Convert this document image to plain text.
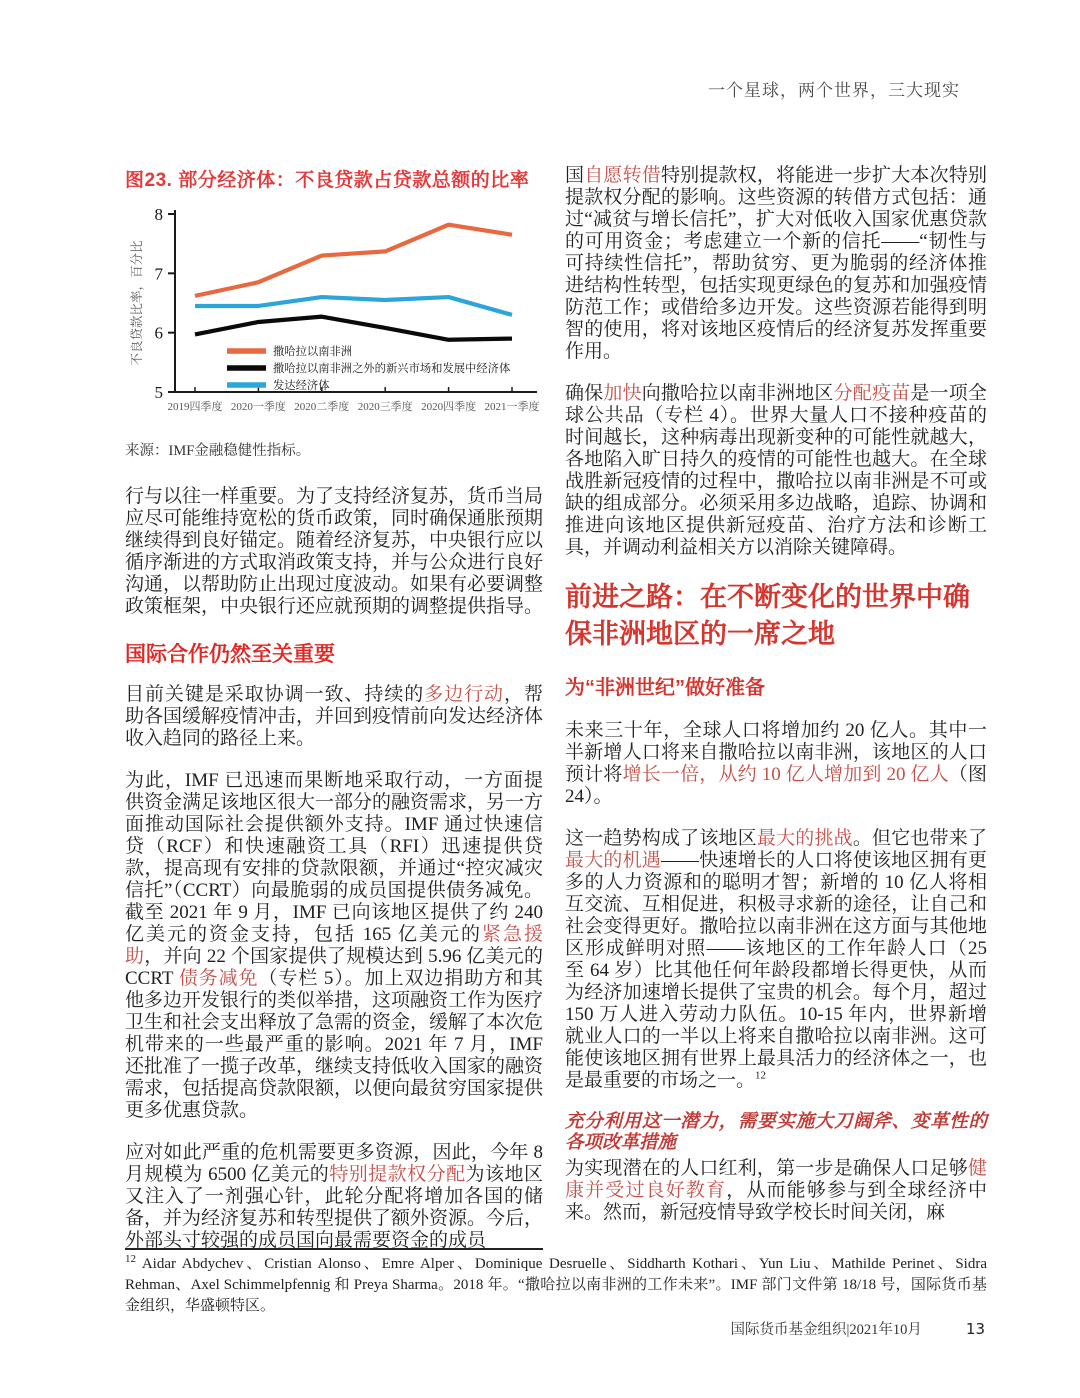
一个星球，两个世界，三大现实
图23. 部分经济体：不良贷款占贷款总额的比率
5
6
7
8
2019四季度 2020一季度 2020二季度 2020三季度 2020四季度 2021一季度
不良贷款比率，百分比	撒哈拉以南非洲
撒哈拉以南非洲之外的新兴市场和发展中经济体
发达经济体
来源：IMF金融稳健性指标。

行与以往一样重要。为了支持经济复苏，货币当局应尽可能维持宽松的货币政策，同时确保通胀预期继续得到良好锚定。随着经济复苏，中央银行应以循序渐进的方式取消政策支持，并与公众进行良好沟通，以帮助防止出现过度波动。如果有必要调整政策框架，中央银行还应就预期的调整提供指导。

国际合作仍然至关重要

目前关键是采取协调一致、持续的多边行动，帮助各国缓解疫情冲击，并回到疫情前向发达经济体收入趋同的路径上来。

为此，IMF 已迅速而果断地采取行动，一方面提供资金满足该地区很大一部分的融资需求，另一方面推动国际社会提供额外支持。IMF 通过快速信贷（RCF）和快速融资工具（RFI）迅速提供贷款，提高现有安排的贷款限额，并通过“控灾减灾信托”（CCRT）向最脆弱的成员国提供债务减免。截至 2021 年 9 月，IMF 已向该地区提供了约 240 亿美元的资金支持，包括 165 亿美元的紧急援助，并向 22 个国家提供了规模达到 5.96 亿美元的 CCRT 债务减免（专栏 5）。加上双边捐助方和其他多边开发银行的类似举措，这项融资工作为医疗卫生和社会支出释放了急需的资金，缓解了本次危机带来的一些最严重的影响。2021 年 7 月，IMF 还批准了一揽子改革，继续支持低收入国家的融资需求，包括提高贷款限额，以便向最贫穷国家提供更多优惠贷款。

应对如此严重的危机需要更多资源，因此，今年 8 月规模为 6500 亿美元的特别提款权分配为该地区又注入了一剂强心针，此轮分配将增加各国的储备，并为经济复苏和转型提供了额外资源。今后，外部头寸较强的成员国向最需要资金的成员

国自愿转借特别提款权，将能进一步扩大本次特别提款权分配的影响。这些资源的转借方式包括：通过“减贫与增长信托”，扩大对低收入国家优惠贷款的可用资金；考虑建立一个新的信托——“韧性与可持续性信托”，帮助贫穷、更为脆弱的经济体推进结构性转型，包括实现更绿色的复苏和加强疫情防范工作；或借给多边开发。这些资源若能得到明智的使用，将对该地区疫情后的经济复苏发挥重要作用。

确保加快向撒哈拉以南非洲地区分配疫苗是一项全球公共品（专栏 4）。世界大量人口不接种疫苗的时间越长，这种病毒出现新变种的可能性就越大，各地陷入旷日持久的疫情的可能性也越大。在全球战胜新冠疫情的过程中，撒哈拉以南非洲是不可或缺的组成部分。必须采用多边战略，追踪、协调和推进向该地区提供新冠疫苗、治疗方法和诊断工具，并调动利益相关方以消除关键障碍。

前进之路：在不断变化的世界中确保非洲地区的一席之地
为“非洲世纪”做好准备

未来三十年，全球人口将增加约 20 亿人。其中一半新增人口将来自撒哈拉以南非洲，该地区的人口预计将增长一倍，从约 10 亿人增加到 20 亿人（图 24）。

这一趋势构成了该地区最大的挑战。但它也带来了最大的机遇——快速增长的人口将使该地区拥有更多的人力资源和的聪明才智；新增的 10 亿人将相互交流、互相促进，积极寻求新的途径，让自己和社会变得更好。撒哈拉以南非洲在这方面与其他地区形成鲜明对照——该地区的工作年龄人口（25 至 64 岁）比其他任何年龄段都增长得更快，从而为经济加速增长提供了宝贵的机会。每个月，超过 150 万人进入劳动力队伍。10-15 年内，世界新增就业人口的一半以上将来自撒哈拉以南非洲。这可能使该地区拥有世界上最具活力的经济体之一，也是最重要的市场之一。$^{12}$

充分利用这一潜力，需要实施大刀阔斧、变革性的各项改革措施

为实现潜在的人口红利，第一步是确保人口足够健康并受过良好教育，从而能够参与到全球经济中来。然而，新冠疫情导致学校长时间关闭，麻

$^{12}$ Aidar Abdychev、Cristian Alonso、Emre Alper、Dominique Desruelle、Siddharth Kothari、Yun Liu、Mathilde Perinet、Sidra Rehman、Axel Schimmelpfennig 和 Preya Sharma。2018 年。“撒哈拉以南非洲的工作未来”。IMF 部门文件第 18/18 号，国际货币基金组织，华盛顿特区。
国际货币基金组织|2021年10月	13
